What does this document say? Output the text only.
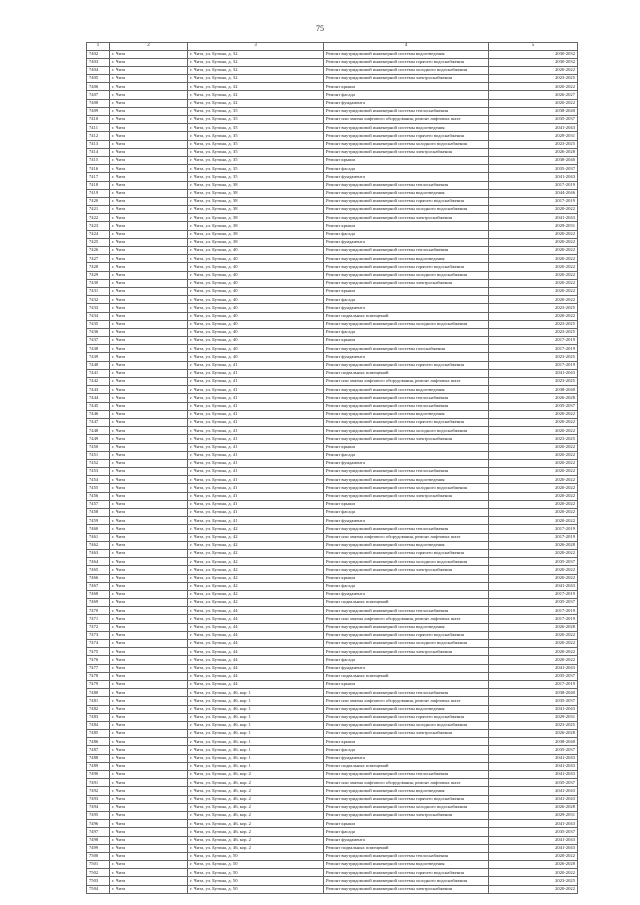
75
1	2	3	4	5
7402	г. Чита	г. Чита, ул. Бутина, д. 32	Ремонт внутридомовой инженерной системы водоотведения	2030-2032
7403	г. Чита	г. Чита, ул. Бутина, д. 32	Ремонт внутридомовой инженерной системы горячего водоснабжения	2030-2032
7404	г. Чита	г. Чита, ул. Бутина, д. 32	Ремонт внутридомовой инженерной системы холодного водоснабжения	2020-2022
7405	г. Чита	г. Чита, ул. Бутина, д. 32	Ремонт внутридомовой инженерной системы электроснабжения	2023-2025
7406	г. Чита	г. Чита, ул. Бутина, д. 32	Ремонт крыши	2020-2022
7407	г. Чита	г. Чита, ул. Бутина, д. 32	Ремонт фасада	2026-2027
7408	г. Чита	г. Чита, ул. Бутина, д. 32	Ремонт фундамента	2020-2022
7409	г. Чита	г. Чита, ул. Бутина, д. 35	Ремонт внутридомовой инженерной системы теплоснабжения	2038-2040
7410	г. Чита	г. Чита, ул. Бутина, д. 35	Ремонт или замена лифтового оборудования, ремонт лифтовых шахт	2035-2037
7411	г. Чита	г. Чита, ул. Бутина, д. 35	Ремонт внутридомовой инженерной системы водоотведения	2041-2043
7412	г. Чита	г. Чита, ул. Бутина, д. 35	Ремонт внутридомовой инженерной системы горячего водоснабжения	2029-2031
7413	г. Чита	г. Чита, ул. Бутина, д. 35	Ремонт внутридомовой инженерной системы холодного водоснабжения	2023-2025
7414	г. Чита	г. Чита, ул. Бутина, д. 35	Ремонт внутридомовой инженерной системы электроснабжения	2026-2028
7415	г. Чита	г. Чита, ул. Бутина, д. 35	Ремонт крыши	2038-2040
7416	г. Чита	г. Чита, ул. Бутина, д. 35	Ремонт фасада	2035-2037
7417	г. Чита	г. Чита, ул. Бутина, д. 35	Ремонт фундамента	2041-2043
7418	г. Чита	г. Чита, ул. Бутина, д. 38	Ремонт внутридомовой инженерной системы теплоснабжения	2017-2019
7419	г. Чита	г. Чита, ул. Бутина, д. 38	Ремонт внутридомовой инженерной системы водоотведения	2044-2046
7420	г. Чита	г. Чита, ул. Бутина, д. 38	Ремонт внутридомовой инженерной системы горячего водоснабжения	2017-2019
7421	г. Чита	г. Чита, ул. Бутина, д. 38	Ремонт внутридомовой инженерной системы холодного водоснабжения	2020-2022
7422	г. Чита	г. Чита, ул. Бутина, д. 38	Ремонт внутридомовой инженерной системы электроснабжения	2041-2043
7423	г. Чита	г. Чита, ул. Бутина, д. 38	Ремонт крыши	2029-2031
7424	г. Чита	г. Чита, ул. Бутина, д. 38	Ремонт фасада	2020-2022
7425	г. Чита	г. Чита, ул. Бутина, д. 38	Ремонт фундамента	2020-2022
7426	г. Чита	г. Чита, ул. Бутина, д. 40	Ремонт внутридомовой инженерной системы теплоснабжения	2020-2022
7427	г. Чита	г. Чита, ул. Бутина, д. 40	Ремонт внутридомовой инженерной системы водоотведения	2020-2022
7428	г. Чита	г. Чита, ул. Бутина, д. 40	Ремонт внутридомовой инженерной системы горячего водоснабжения	2020-2022
7429	г. Чита	г. Чита, ул. Бутина, д. 40	Ремонт внутридомовой инженерной системы холодного водоснабжения	2020-2022
7430	г. Чита	г. Чита, ул. Бутина, д. 40	Ремонт внутридомовой инженерной системы электроснабжения	2020-2022
7431	г. Чита	г. Чита, ул. Бутина, д. 40	Ремонт крыши	2020-2022
7432	г. Чита	г. Чита, ул. Бутина, д. 40	Ремонт фасада	2020-2022
7433	г. Чита	г. Чита, ул. Бутина, д. 40	Ремонт фундамента	2023-2025
7434	г. Чита	г. Чита, ул. Бутина, д. 40	Ремонт подвальных помещений	2020-2022
7435	г. Чита	г. Чита, ул. Бутина, д. 40	Ремонт внутридомовой инженерной системы холодного водоснабжения	2023-2025
7436	г. Чита	г. Чита, ул. Бутина, д. 40	Ремонт фасада	2023-2025
7437	г. Чита	г. Чита, ул. Бутина, д. 40	Ремонт крыши	2017-2019
7438	г. Чита	г. Чита, ул. Бутина, д. 40	Ремонт внутридомовой инженерной системы газоснабжения	2017-2019
7439	г. Чита	г. Чита, ул. Бутина, д. 40	Ремонт фундамента	2023-2025
7440	г. Чита	г. Чита, ул. Бутина, д. 41	Ремонт внутридомовой инженерной системы горячего водоснабжения	2017-2019
7441	г. Чита	г. Чита, ул. Бутина, д. 41	Ремонт подвальных помещений	2041-2043
7442	г. Чита	г. Чита, ул. Бутина, д. 41	Ремонт или замена лифтового оборудования, ремонт лифтовых шахт	2023-2025
7443	г. Чита	г. Чита, ул. Бутина, д. 41	Ремонт внутридомовой инженерной системы водоотведения	2038-2040
7444	г. Чита	г. Чита, ул. Бутина, д. 41	Ремонт внутридомовой инженерной системы теплоснабжения	2026-2028
7445	г. Чита	г. Чита, ул. Бутина, д. 41	Ремонт внутридомовой инженерной системы теплоснабжения	2035-2037
7446	г. Чита	г. Чита, ул. Бутина, д. 41	Ремонт внутридомовой инженерной системы водоотведения	2020-2022
7447	г. Чита	г. Чита, ул. Бутина, д. 41	Ремонт внутридомовой инженерной системы горячего водоснабжения	2020-2022
7448	г. Чита	г. Чита, ул. Бутина, д. 41	Ремонт внутридомовой инженерной системы холодного водоснабжения	2020-2022
7449	г. Чита	г. Чита, ул. Бутина, д. 41	Ремонт внутридомовой инженерной системы электроснабжения	2023-2025
7450	г. Чита	г. Чита, ул. Бутина, д. 41	Ремонт крыши	2020-2022
7451	г. Чита	г. Чита, ул. Бутина, д. 41	Ремонт фасада	2020-2022
7452	г. Чита	г. Чита, ул. Бутина, д. 41	Ремонт фундамента	2020-2022
7453	г. Чита	г. Чита, ул. Бутина, д. 41	Ремонт внутридомовой инженерной системы теплоснабжения	2020-2022
7454	г. Чита	г. Чита, ул. Бутина, д. 41	Ремонт внутридомовой инженерной системы водоотведения	2020-2022
7455	г. Чита	г. Чита, ул. Бутина, д. 41	Ремонт внутридомовой инженерной системы холодного водоснабжения	2020-2022
7456	г. Чита	г. Чита, ул. Бутина, д. 41	Ремонт внутридомовой инженерной системы электроснабжения	2020-2022
7457	г. Чита	г. Чита, ул. Бутина, д. 41	Ремонт крыши	2020-2022
7458	г. Чита	г. Чита, ул. Бутина, д. 41	Ремонт фасада	2020-2022
7459	г. Чита	г. Чита, ул. Бутина, д. 41	Ремонт фундамента	2020-2022
7460	г. Чита	г. Чита, ул. Бутина, д. 42	Ремонт внутридомовой инженерной системы теплоснабжения	2017-2019
7461	г. Чита	г. Чита, ул. Бутина, д. 42	Ремонт или замена лифтового оборудования, ремонт лифтовых шахт	2017-2019
7462	г. Чита	г. Чита, ул. Бутина, д. 42	Ремонт внутридомовой инженерной системы водоотведения	2026-2028
7463	г. Чита	г. Чита, ул. Бутина, д. 42	Ремонт внутридомовой инженерной системы горячего водоснабжения	2020-2022
7464	г. Чита	г. Чита, ул. Бутина, д. 42	Ремонт внутридомовой инженерной системы холодного водоснабжения	2035-2037
7465	г. Чита	г. Чита, ул. Бутина, д. 42	Ремонт внутридомовой инженерной системы электроснабжения	2020-2022
7466	г. Чита	г. Чита, ул. Бутина, д. 42	Ремонт крыши	2020-2022
7467	г. Чита	г. Чита, ул. Бутина, д. 42	Ремонт фасада	2041-2043
7468	г. Чита	г. Чита, ул. Бутина, д. 42	Ремонт фундамента	2017-2019
7469	г. Чита	г. Чита, ул. Бутина, д. 42	Ремонт подвальных помещений	2035-2037
7470	г. Чита	г. Чита, ул. Бутина, д. 44	Ремонт внутридомовой инженерной системы теплоснабжения	2017-2019
7471	г. Чита	г. Чита, ул. Бутина, д. 44	Ремонт или замена лифтового оборудования, ремонт лифтовых шахт	2017-2019
7472	г. Чита	г. Чита, ул. Бутина, д. 44	Ремонт внутридомовой инженерной системы водоотведения	2026-2028
7473	г. Чита	г. Чита, ул. Бутина, д. 44	Ремонт внутридомовой инженерной системы горячего водоснабжения	2020-2022
7474	г. Чита	г. Чита, ул. Бутина, д. 44	Ремонт внутридомовой инженерной системы холодного водоснабжения	2020-2022
7475	г. Чита	г. Чита, ул. Бутина, д. 44	Ремонт внутридомовой инженерной системы электроснабжения	2020-2022
7476	г. Чита	г. Чита, ул. Бутина, д. 44	Ремонт фасада	2020-2022
7477	г. Чита	г. Чита, ул. Бутина, д. 44	Ремонт фундамента	2041-2043
7478	г. Чита	г. Чита, ул. Бутина, д. 44	Ремонт подвальных помещений	2035-2037
7479	г. Чита	г. Чита, ул. Бутина, д. 44	Ремонт крыши	2017-2019
7480	г. Чита	г. Чита, ул. Бутина, д. 46, кор. 1	Ремонт внутридомовой инженерной системы теплоснабжения	2038-2040
7481	г. Чита	г. Чита, ул. Бутина, д. 46, кор. 1	Ремонт или замена лифтового оборудования, ремонт лифтовых шахт	2035-2037
7482	г. Чита	г. Чита, ул. Бутина, д. 46, кор. 1	Ремонт внутридомовой инженерной системы водоотведения	2041-2043
7483	г. Чита	г. Чита, ул. Бутина, д. 46, кор. 1	Ремонт внутридомовой инженерной системы горячего водоснабжения	2029-2031
7484	г. Чита	г. Чита, ул. Бутина, д. 46, кор. 1	Ремонт внутридомовой инженерной системы холодного водоснабжения	2023-2025
7485	г. Чита	г. Чита, ул. Бутина, д. 46, кор. 1	Ремонт внутридомовой инженерной системы электроснабжения	2026-2028
7486	г. Чита	г. Чита, ул. Бутина, д. 46, кор. 1	Ремонт крыши	2038-2040
7487	г. Чита	г. Чита, ул. Бутина, д. 46, кор. 1	Ремонт фасада	2035-2037
7488	г. Чита	г. Чита, ул. Бутина, д. 46, кор. 1	Ремонт фундамента	2041-2043
7489	г. Чита	г. Чита, ул. Бутина, д. 46, кор. 1	Ремонт подвальных помещений	2041-2043
7490	г. Чита	г. Чита, ул. Бутина, д. 46, кор. 2	Ремонт внутридомовой инженерной системы теплоснабжения	2041-2043
7491	г. Чита	г. Чита, ул. Бутина, д. 46, кор. 2	Ремонт или замена лифтового оборудования, ремонт лифтовых шахт	2035-2037
7492	г. Чита	г. Чита, ул. Бутина, д. 46, кор. 2	Ремонт внутридомовой инженерной системы водоотведения	2041-2043
7493	г. Чита	г. Чита, ул. Бутина, д. 46, кор. 2	Ремонт внутридомовой инженерной системы горячего водоснабжения	2041-2043
7494	г. Чита	г. Чита, ул. Бутина, д. 46, кор. 2	Ремонт внутридомовой инженерной системы холодного водоснабжения	2026-2028
7495	г. Чита	г. Чита, ул. Бутина, д. 46, кор. 2	Ремонт внутридомовой инженерной системы электроснабжения	2029-2031
7496	г. Чита	г. Чита, ул. Бутина, д. 46, кор. 2	Ремонт крыши	2041-2043
7497	г. Чита	г. Чита, ул. Бутина, д. 46, кор. 2	Ремонт фасада	2035-2037
7498	г. Чита	г. Чита, ул. Бутина, д. 46, кор. 2	Ремонт фундамента	2041-2043
7499	г. Чита	г. Чита, ул. Бутина, д. 46, кор. 2	Ремонт подвальных помещений	2041-2043
7500	г. Чита	г. Чита, ул. Бутина, д. 50	Ремонт внутридомовой инженерной системы теплоснабжения	2020-2022
7501	г. Чита	г. Чита, ул. Бутина, д. 50	Ремонт внутридомовой инженерной системы водоотведения	2026-2028
7502	г. Чита	г. Чита, ул. Бутина, д. 50	Ремонт внутридомовой инженерной системы горячего водоснабжения	2020-2022
7503	г. Чита	г. Чита, ул. Бутина, д. 50	Ремонт внутридомовой инженерной системы холодного водоснабжения	2023-2025
7504	г. Чита	г. Чита, ул. Бутина, д. 50	Ремонт внутридомовой инженерной системы электроснабжения	2020-2022
